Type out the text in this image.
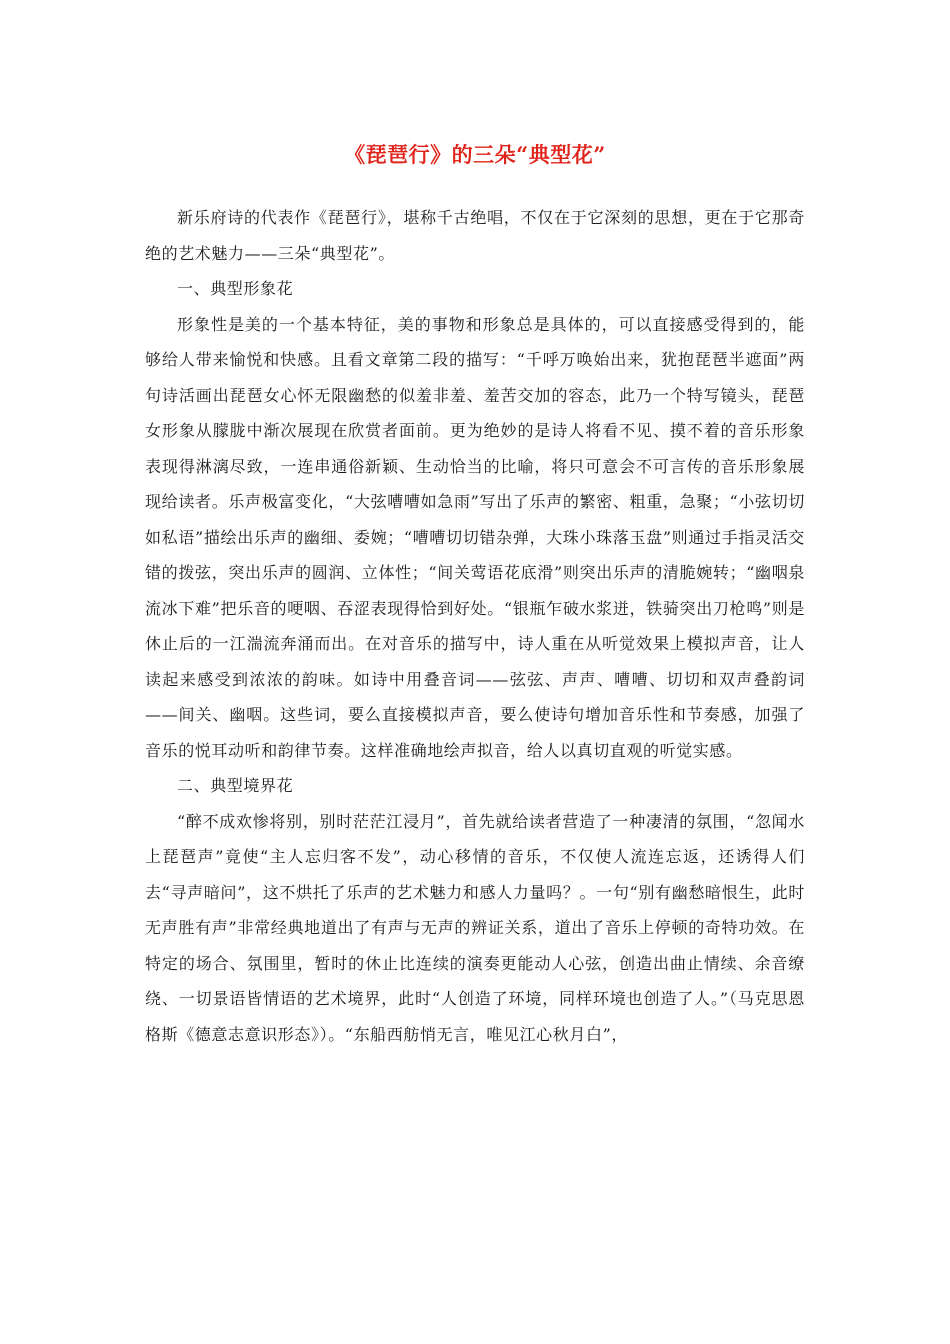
《琵琶行》的三朵“典型花”

新乐府诗的代表作《琵琶行》，堪称千古绝唱，不仅在于它深刻的思想，更在于它那奇绝的艺术魅力——三朵“典型花”。

一、典型形象花

形象性是美的一个基本特征，美的事物和形象总是具体的，可以直接感受得到的，能够给人带来愉悦和快感。且看文章第二段的描写：“千呼万唤始出来，犹抱琵琶半遮面”两句诗活画出琵琶女心怀无限幽愁的似羞非羞、羞苦交加的容态，此乃一个特写镜头，琵琶女形象从朦胧中渐次展现在欣赏者面前。更为绝妙的是诗人将看不见、摸不着的音乐形象表现得淋漓尽致，一连串通俗新颖、生动恰当的比喻，将只可意会不可言传的音乐形象展现给读者。乐声极富变化，“大弦嘈嘈如急雨”写出了乐声的繁密、粗重，急聚；“小弦切切如私语”描绘出乐声的幽细、委婉；“嘈嘈切切错杂弹，大珠小珠落玉盘”则通过手指灵活交错的拨弦，突出乐声的圆润、立体性；“间关莺语花底滑”则突出乐声的清脆婉转；“幽咽泉流冰下难”把乐音的哽咽、吞涩表现得恰到好处。“银瓶乍破水浆迸，铁骑突出刀枪鸣”则是休止后的一江湍流奔涌而出。在对音乐的描写中，诗人重在从听觉效果上模拟声音，让人读起来感受到浓浓的韵味。如诗中用叠音词——弦弦、声声、嘈嘈、切切和双声叠韵词——间关、幽咽。这些词，要么直接模拟声音，要么使诗句增加音乐性和节奏感，加强了音乐的悦耳动听和韵律节奏。这样准确地绘声拟音，给人以真切直观的听觉实感。

二、典型境界花

“醉不成欢惨将别，别时茫茫江浸月”，首先就给读者营造了一种凄清的氛围，“忽闻水上琵琶声”竟使“主人忘归客不发”，动心移情的音乐，不仅使人流连忘返，还诱得人们去“寻声暗问”，这不烘托了乐声的艺术魅力和感人力量吗？。一句“别有幽愁暗恨生，此时无声胜有声”非常经典地道出了有声与无声的辨证关系，道出了音乐上停顿的奇特功效。在特定的场合、氛围里，暂时的休止比连续的演奏更能动人心弦，创造出曲止情续、余音缭绕、一切景语皆情语的艺术境界，此时“人创造了环境，同样环境也创造了人。”（马克思恩格斯《德意志意识形态》）。“东船西舫悄无言，唯见江心秋月白”，
